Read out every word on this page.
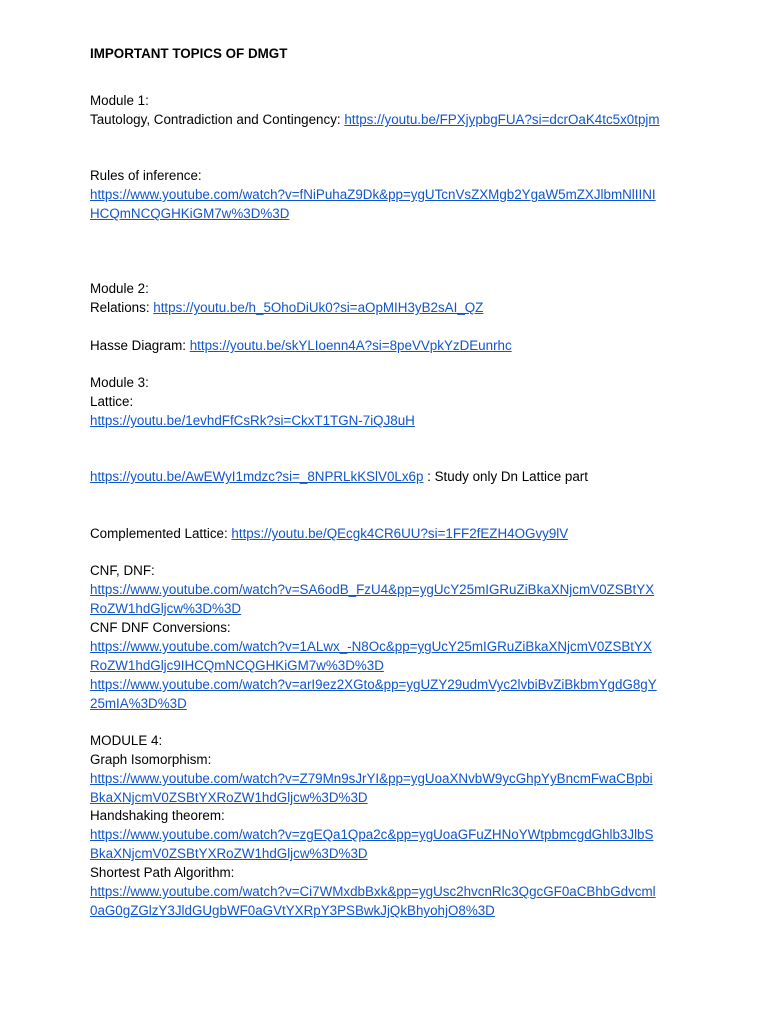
IMPORTANT TOPICS OF DMGT
Module 1:
Tautology, Contradiction and Contingency: https://youtu.be/FPXjypbgFUA?si=dcrOaK4tc5x0tpjm
Rules of inference:
https://www.youtube.com/watch?v=fNiPuhaZ9Dk&pp=ygUTcnVsZXMgb2YgaW5mZXJlbmNlIINI
HCQmNCQGHKiGM7w%3D%3D
Module 2:
Relations: https://youtu.be/h_5OhoDiUk0?si=aOpMIH3yB2sAI_QZ
Hasse Diagram: https://youtu.be/skYLIoenn4A?si=8peVVpkYzDEunrhc
Module 3:
Lattice:
https://youtu.be/1evhdFfCsRk?si=CkxT1TGN-7iQJ8uH
https://youtu.be/AwEWyI1mdzc?si=_8NPRLkKSlV0Lx6p : Study only Dn Lattice part
Complemented Lattice: https://youtu.be/QEcgk4CR6UU?si=1FF2fEZH4OGvy9lV
CNF, DNF:
https://www.youtube.com/watch?v=SA6odB_FzU4&pp=ygUcY25mIGRuZiBkaXNjcmV0ZSBtYX
RoZW1hdGljcw%3D%3D
CNF DNF Conversions:
https://www.youtube.com/watch?v=1ALwx_-N8Oc&pp=ygUcY25mIGRuZiBkaXNjcmV0ZSBtYX
RoZW1hdGljc9IHCQmNCQGHKiGM7w%3D%3D
https://www.youtube.com/watch?v=arI9ez2XGto&pp=ygUZY29udmVyc2lvbiBvZiBkbmYgdG8gY
25mIA%3D%3D
MODULE 4:
Graph Isomorphism:
https://www.youtube.com/watch?v=Z79Mn9sJrYI&pp=ygUoaXNvbW9ycGhpYyBncmFwaCBpbi
BkaXNjcmV0ZSBtYXRoZW1hdGljcw%3D%3D
Handshaking theorem:
https://www.youtube.com/watch?v=zgEQa1Qpa2c&pp=ygUoaGFuZHNoYWtpbmcgdGhlb3JlbS
BkaXNjcmV0ZSBtYXRoZW1hdGljcw%3D%3D
Shortest Path Algorithm:
https://www.youtube.com/watch?v=Ci7WMxdbBxk&pp=ygUsc2hvcnRlc3QgcGF0aCBhbGdvcml
0aG0gZGlzY3JldGUgbWF0aGVtYXRpY3PSBwkJjQkBhyohjO8%3D
